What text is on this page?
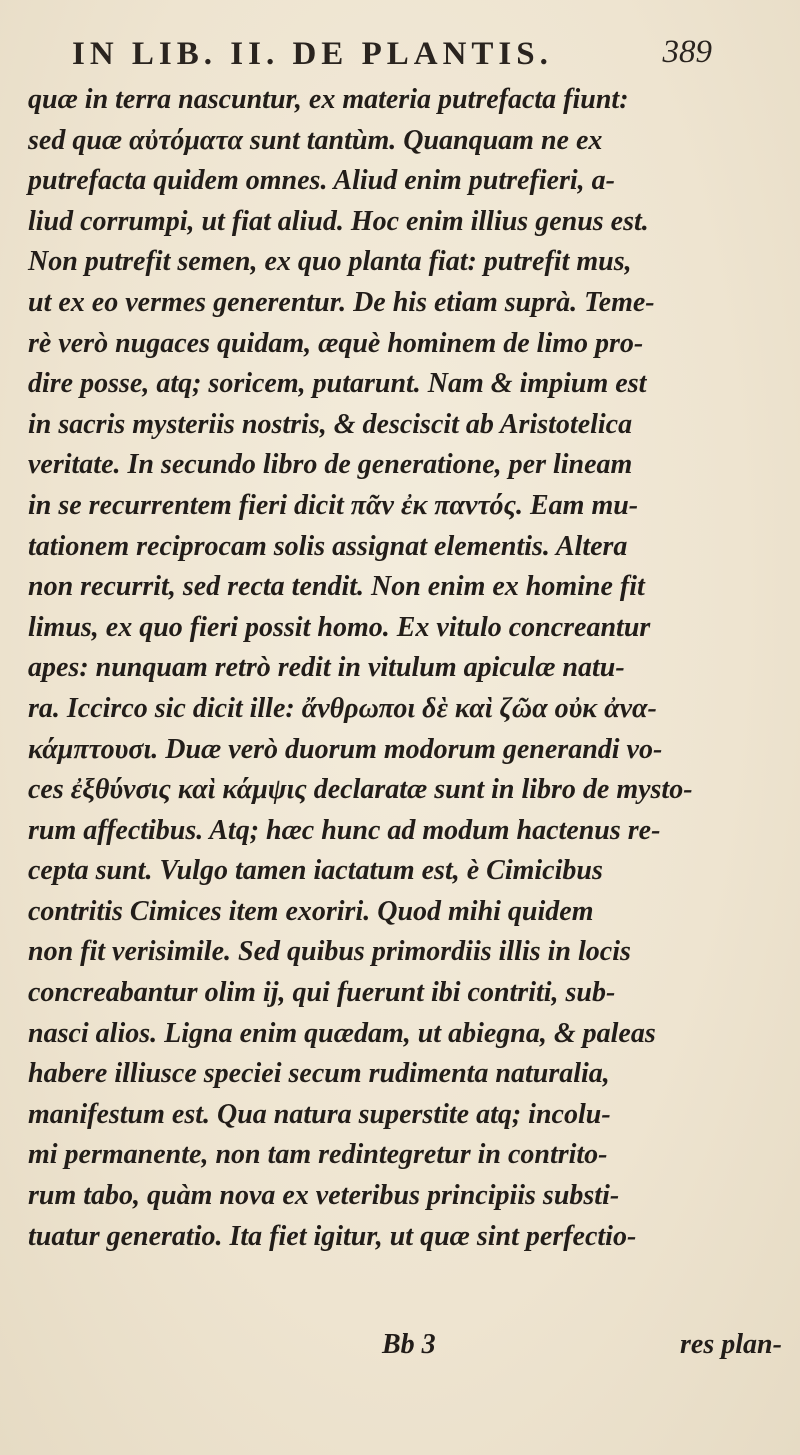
IN LIB. II. DE PLANTIS.	389
quæ in terra nascuntur, ex materia putrefacta fiunt:
sed quæ αὐτόματα sunt tantùm. Quanquam ne ex
putrefacta quidem omnes. Aliud enim putrefieri, a-
liud corrumpi, ut fiat aliud. Hoc enim illius genus est.
Non putrefit semen, ex quo planta fiat: putrefit mus,
ut ex eo vermes generentur. De his etiam suprà. Teme-
rè verò nugaces quidam, æquè hominem de limo pro-
dire posse, atq; soricem, putarunt. Nam & impium est
in sacris mysteriis nostris, & desciscit ab Aristotelica
veritate. In secundo libro de generatione, per lineam
in se recurrentem fieri dicit πᾶν ἐκ παντός. Eam mu-
tationem reciprocam solis assignat elementis. Altera
non recurrit, sed recta tendit. Non enim ex homine fit
limus, ex quo fieri possit homo. Ex vitulo concreantur
apes: nunquam retrò redit in vitulum apiculæ natu-
ra. Iccirco sic dicit ille: ἄνθρωποι δὲ καὶ ζῶα οὐκ ἀνα-
κάμπτουσι. Duæ verò duorum modorum generandi vo-
ces ἐξθύνσις καὶ κάμψις declaratæ sunt in libro de mysto-
rum affectibus. Atq; hæc hunc ad modum hactenus re-
cepta sunt. Vulgo tamen iactatum est, è Cimicibus
contritis Cimices item exoriri. Quod mihi quidem
non fit verisimile. Sed quibus primordiis illis in locis
concreabantur olim ij, qui fuerunt ibi contriti, sub-
nasci alios. Ligna enim quædam, ut abiegna, & paleas
habere illiusce speciei secum rudimenta naturalia,
manifestum est. Qua natura superstite atq; incolu-
mi permanente, non tam redintegretur in contrito-
rum tabo, quàm nova ex veteribus principiis substi-
tuatur generatio. Ita fiet igitur, ut quæ sint perfectio-
Bb 3	res plan-
